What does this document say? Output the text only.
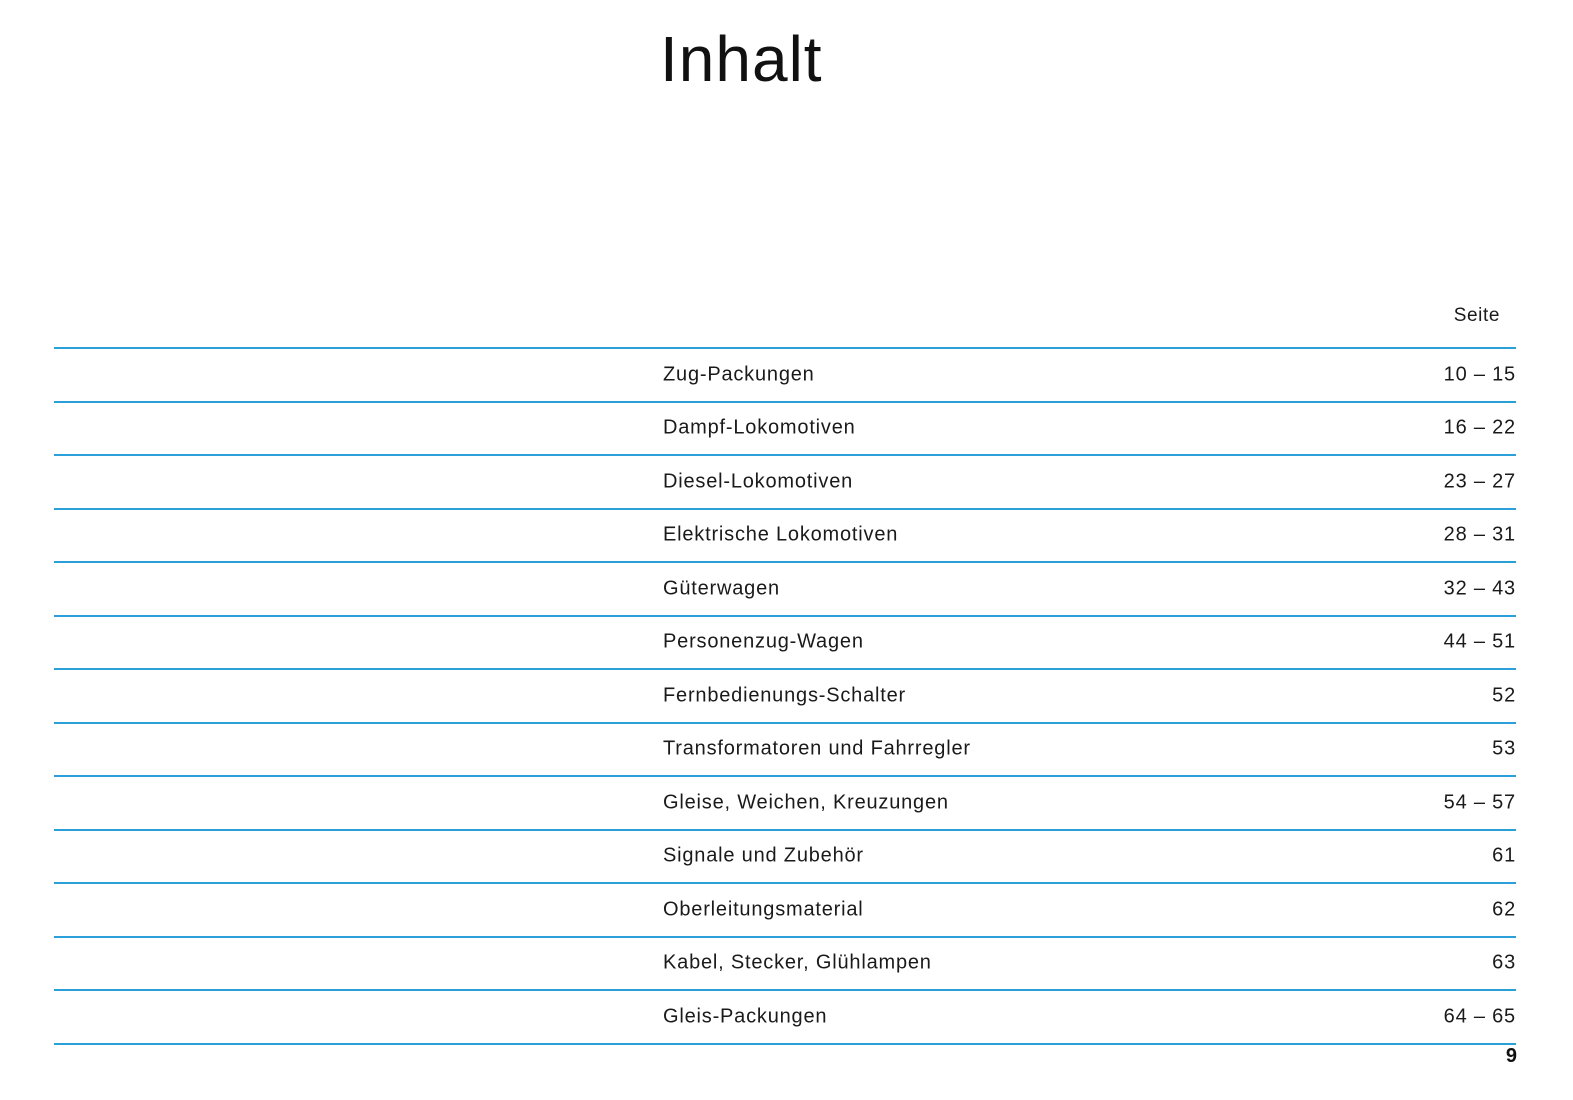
Inhalt
Seite
Zug-Packungen	10 – 15
Dampf-Lokomotiven	16 – 22
Diesel-Lokomotiven	23 – 27
Elektrische Lokomotiven	28 – 31
Güterwagen	32 – 43
Personenzug-Wagen	44 – 51
Fernbedienungs-Schalter	52
Transformatoren und Fahrregler	53
Gleise, Weichen, Kreuzungen	54 – 57
Signale und Zubehör	61
Oberleitungsmaterial	62
Kabel, Stecker, Glühlampen	63
Gleis-Packungen	64 – 65
9
